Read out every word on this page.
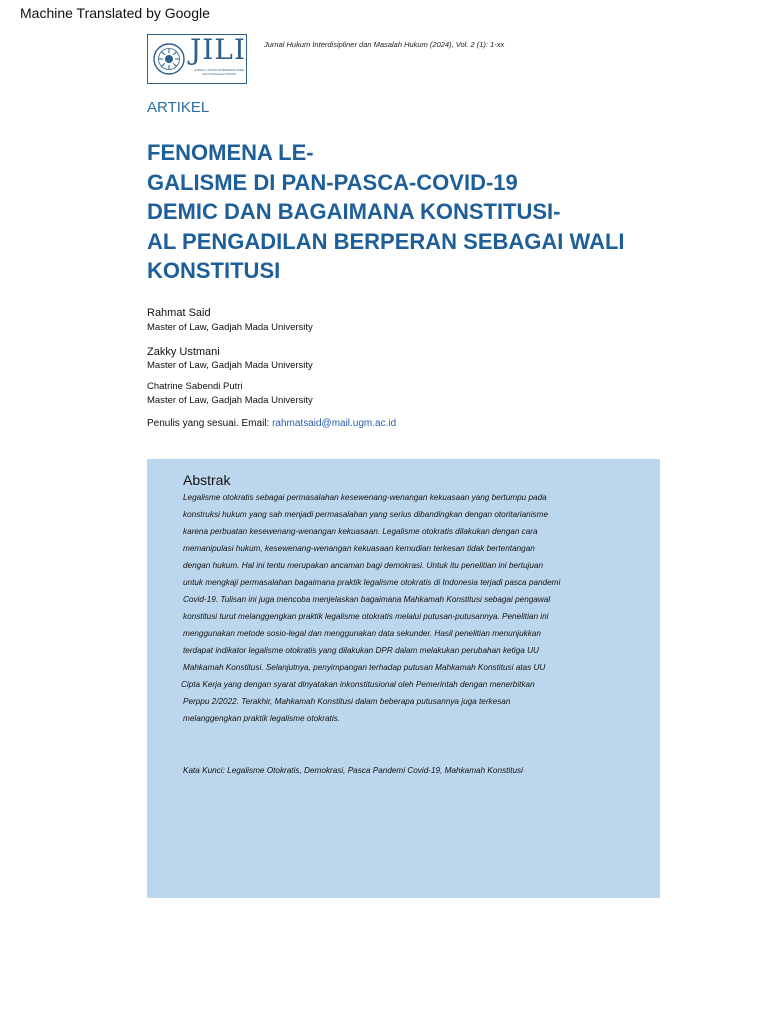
Machine Translated by Google
JILI
JURNAL HUKUM INTERDISIPLINER DAN MASALAH HUKUM
Jurnal Hukum Interdisipliner dan Masalah Hukum (2024), Vol. 2 (1): 1-xx
ARTIKEL
FENOMENA LE-
GALISME DI PAN-PASCA-COVID-19
DEMIC DAN BAGAIMANA KONSTITUSI-
AL PENGADILAN BERPERAN SEBAGAI WALI
KONSTITUSI
Rahmat Said
Master of Law, Gadjah Mada University
Zakky Ustmani
Master of Law, Gadjah Mada University
Chatrine Sabendi Putri
Master of Law, Gadjah Mada University
Penulis yang sesuai. Email: rahmatsaid@mail.ugm.ac.id
Abstrak
Legalisme otokratis sebagai permasalahan kesewenang-wenangan kekuasaan yang bertumpu pada
konstruksi hukum yang sah menjadi permasalahan yang serius dibandingkan dengan otoritarianisme
karena perbuatan kesewenang-wenangan kekuasaan. Legalisme otokratis dilakukan dengan cara
memanipulasi hukum, kesewenang-wenangan kekuasaan kemudian terkesan tidak bertentangan
dengan hukum. Hal ini tentu merupakan ancaman bagi demokrasi. Untuk itu penelitian ini bertujuan
untuk mengkaji permasalahan bagaimana praktik legalisme otokratis di Indonesia terjadi pasca pandemi
Covid-19. Tulisan ini juga mencoba menjelaskan bagaimana Mahkamah Konstitusi sebagai pengawal
konstitusi turut melanggengkan praktik legalisme otokratis melalui putusan-putusannya. Penelitian ini
menggunakan metode sosio-legal dan menggunakan data sekunder. Hasil penelitian menunjukkan
terdapat indikator legalisme otokratis yang dilakukan DPR dalam melakukan perubahan ketiga UU
Mahkamah Konstitusi. Selanjutnya, penyimpangan terhadap putusan Mahkamah Konstitusi atas UU
Cipta Kerja yang dengan syarat dinyatakan inkonstitusional oleh Pemerintah dengan menerbitkan
Perppu 2/2022. Terakhir, Mahkamah Konstitusi dalam beberapa putusannya juga terkesan
melanggengkan praktik legalisme otokratis.
Kata Kunci: Legalisme Otokratis, Demokrasi, Pasca Pandemi Covid-19, Mahkamah Konstitusi
